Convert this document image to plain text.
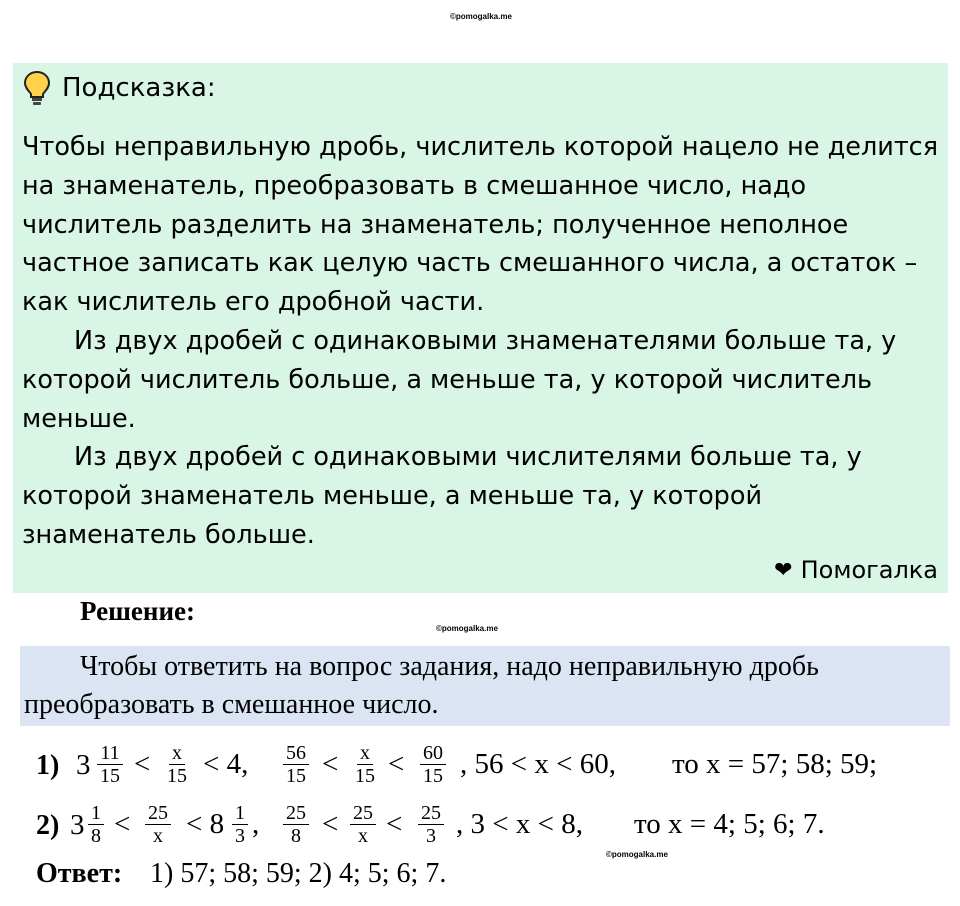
©pomogalka.me
Подсказка:

Чтобы неправильную дробь, числитель которой нацело не делится на знаменатель, преобразовать в смешанное число, надо числитель разделить на знаменатель; полученное неполное частное записать как целую часть смешанного числа, а остаток – как числитель его дробной части.

Из двух дробей с одинаковыми знаменателями больше та, у которой числитель больше, а меньше та, у которой числитель меньше.

Из двух дробей с одинаковыми числителями больше та, у которой знаменатель меньше, а меньше та, у которой знаменатель больше.

❤ Помогалка
Решение:
©pomogalka.me
Чтобы ответить на вопрос задания, надо неправильную дробь преобразовать в смешанное число.
1) $3 \frac{11}{15} < \frac{x}{15} < 4$, $\frac{56}{15} < \frac{x}{15} < \frac{60}{15}$ , 56 < x < 60, то x = 57; 58; 59;
2) $3 \frac{1}{8} < \frac{25}{x} < 8 \frac{1}{3}$ , $\frac{25}{8} < \frac{25}{x} < \frac{25}{3}$ , 3 < x < 8, то x = 4; 5; 6; 7.
©pomogalka.me
Ответ: 1) 57; 58; 59; 2) 4; 5; 6; 7.
